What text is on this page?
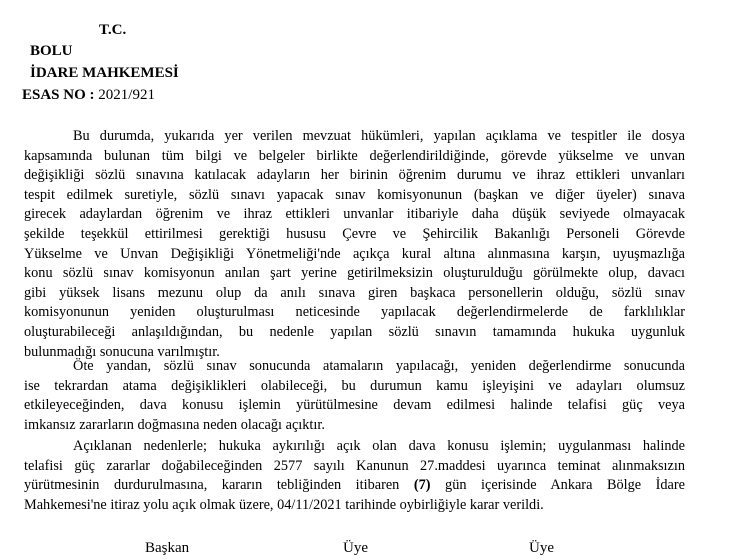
T.C.
BOLU
İDARE MAHKEMESİ
ESAS NO : 2021/921
Bu durumda, yukarıda yer verilen mevzuat hükümleri, yapılan açıklama ve tespitler ile dosya
kapsamında bulunan tüm bilgi ve belgeler birlikte değerlendirildiğinde, görevde yükselme ve unvan
değişikliği sözlü sınavına katılacak adayların her birinin öğrenim durumu ve ihraz ettikleri unvanları
tespit edilmek suretiyle, sözlü sınavı yapacak sınav komisyonunun (başkan ve diğer üyeler) sınava
girecek adaylardan öğrenim ve ihraz ettikleri unvanlar itibariyle daha düşük seviyede olmayacak
şekilde teşekkül ettirilmesi gerektiği hususu Çevre ve Şehircilik Bakanlığı Personeli Görevde
Yükselme ve Unvan Değişikliği Yönetmeliği'nde açıkça kural altına alınmasına karşın, uyuşmazlığa
konu sözlü sınav komisyonun anılan şart yerine getirilmeksizin oluşturulduğu görülmekte olup, davacı
gibi yüksek lisans mezunu olup da anılı sınava giren başkaca personellerin olduğu, sözlü sınav
komisyonunun yeniden oluşturulması neticesinde yapılacak değerlendirmelerde de farklılıklar
oluşturabileceği anlaşıldığından, bu nedenle yapılan sözlü sınavın tamamında hukuka uygunluk
bulunmadığı sonucuna varılmıştır.
Öte yandan, sözlü sınav sonucunda atamaların yapılacağı, yeniden değerlendirme sonucunda
ise tekrardan atama değişiklikleri olabileceği, bu durumun kamu işleyişini ve adayları olumsuz
etkileyeceğinden, dava konusu işlemin yürütülmesine devam edilmesi halinde telafisi güç veya
imkansız zararların doğmasına neden olacağı açıktır.
Açıklanan nedenlerle; hukuka aykırılığı açık olan dava konusu işlemin; uygulanması halinde
telafisi güç zararlar doğabileceğinden 2577 sayılı Kanunun 27.maddesi uyarınca teminat alınmaksızın
yürütmesinin durdurulmasına, kararın tebliğinden itibaren (7) gün içerisinde Ankara Bölge İdare
Mahkemesi'ne itiraz yolu açık olmak üzere, 04/11/2021 tarihinde oybirliğiyle karar verildi.
Başkan	Üye	Üye
